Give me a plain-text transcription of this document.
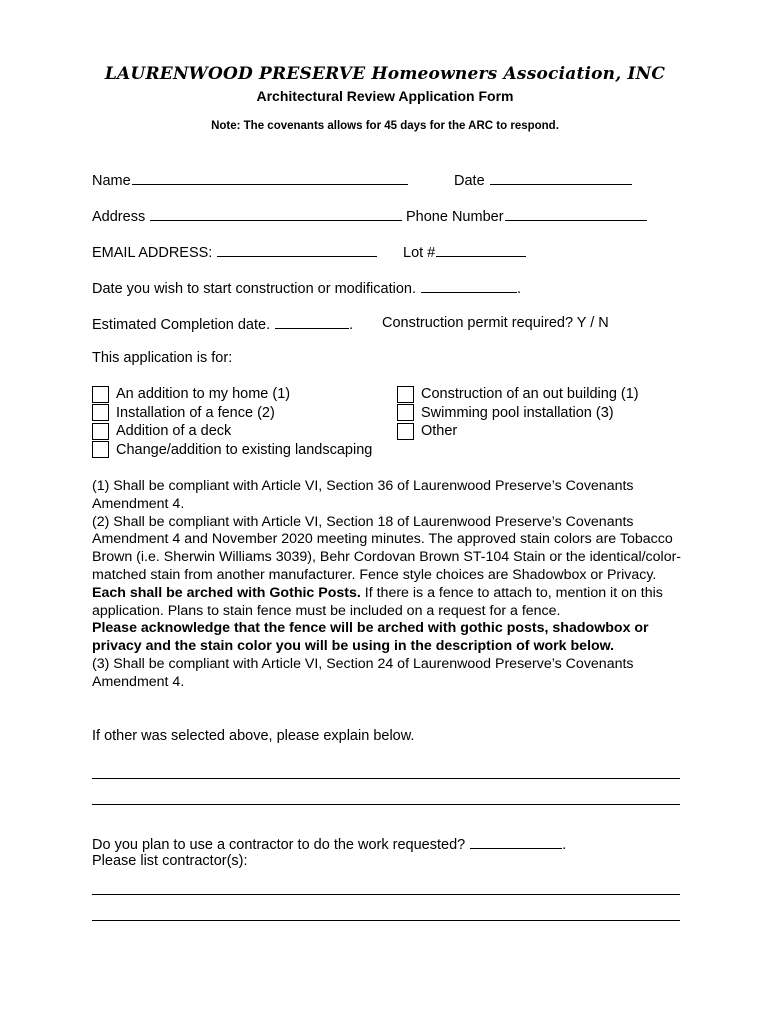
LAURENWOOD PRESERVE Homeowners Association, INC
Architectural Review Application Form
Note: The covenants allows for 45 days for the ARC to respond.
Name	Date
Address	Phone Number
EMAIL ADDRESS:	Lot #
Date you wish to start construction or modification.	.
Estimated Completion date.	. Construction permit required? Y / N
This application is for:
An addition to my home (1)
Installation of a fence (2)
Addition of a deck
Change/addition to existing landscaping
Construction of an out building (1)
Swimming pool installation (3)
Other

(1) Shall be compliant with Article VI, Section 36 of Laurenwood Preserve’s Covenants Amendment 4.

(2) Shall be compliant with Article VI, Section 18 of Laurenwood Preserve’s Covenants Amendment 4 and November 2020 meeting minutes. The approved stain colors are Tobacco Brown (i.e. Sherwin Williams 3039), Behr Cordovan Brown ST-104 Stain or the identical/color-matched stain from another manufacturer. Fence style choices are Shadowbox or Privacy. Each shall be arched with Gothic Posts. If there is a fence to attach to, mention it on this application. Plans to stain fence must be included on a request for a fence.

Please acknowledge that the fence will be arched with gothic posts, shadowbox or privacy and the stain color you will be using in the description of work below.

(3) Shall be compliant with Article VI, Section 24 of Laurenwood Preserve’s Covenants Amendment 4.

If other was selected above, please explain below.
Do you plan to use a contractor to do the work requested?	.
Please list contractor(s):
